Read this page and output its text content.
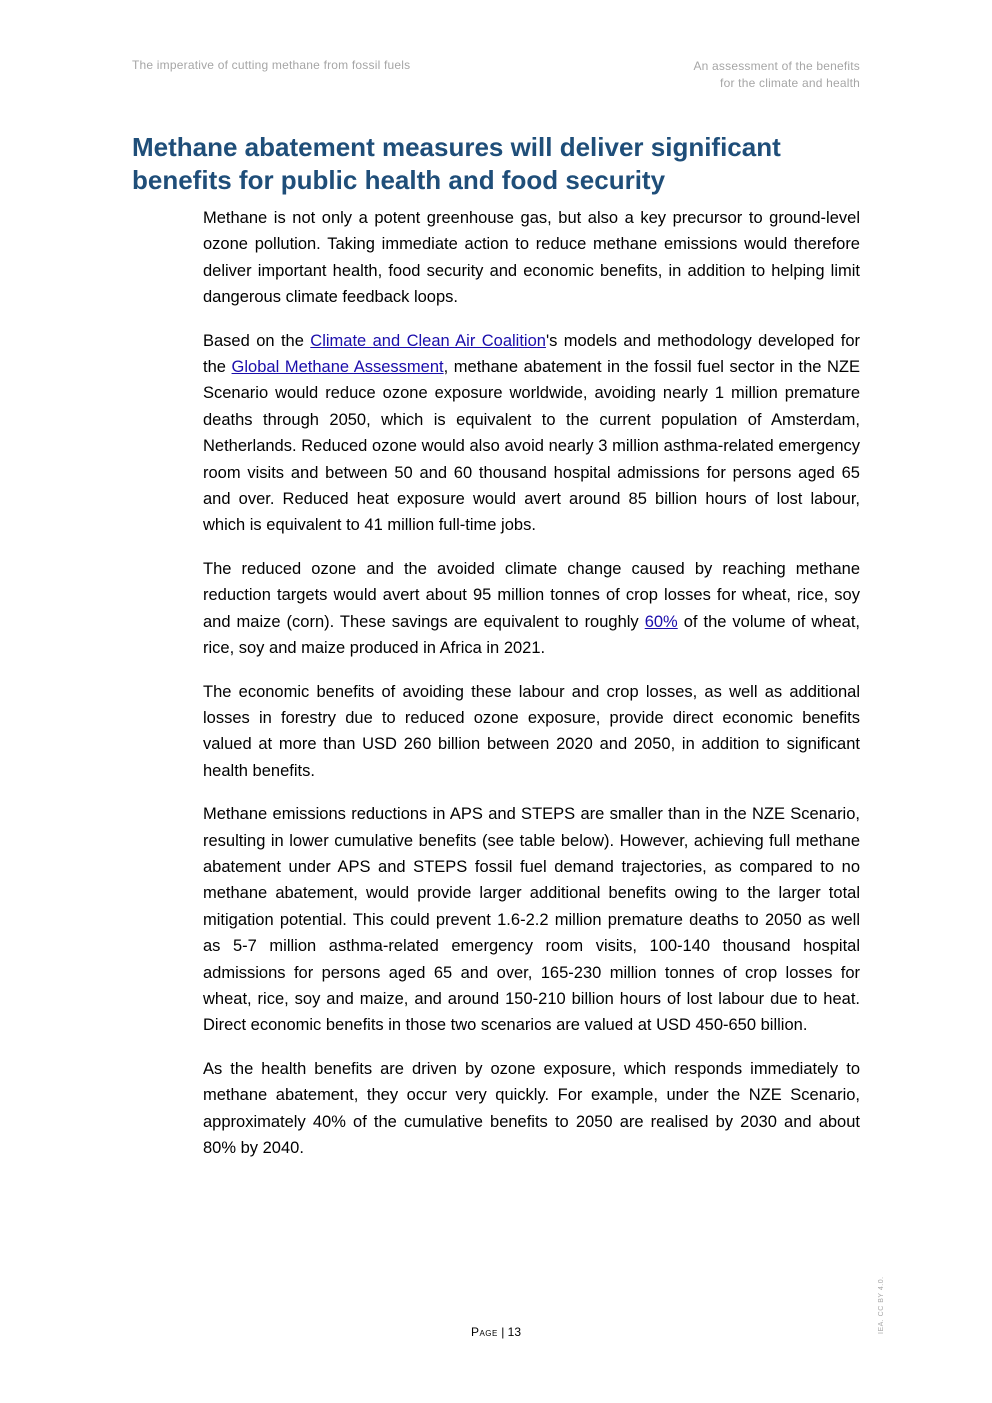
The imperative of cutting methane from fossil fuels	An assessment of the benefits
for the climate and health
Methane abatement measures will deliver significant benefits for public health and food security

Methane is not only a potent greenhouse gas, but also a key precursor to ground-level ozone pollution. Taking immediate action to reduce methane emissions would therefore deliver important health, food security and economic benefits, in addition to helping limit dangerous climate feedback loops.

Based on the Climate and Clean Air Coalition's models and methodology developed for the Global Methane Assessment, methane abatement in the fossil fuel sector in the NZE Scenario would reduce ozone exposure worldwide, avoiding nearly 1 million premature deaths through 2050, which is equivalent to the current population of Amsterdam, Netherlands. Reduced ozone would also avoid nearly 3 million asthma-related emergency room visits and between 50 and 60 thousand hospital admissions for persons aged 65 and over. Reduced heat exposure would avert around 85 billion hours of lost labour, which is equivalent to 41 million full-time jobs.

The reduced ozone and the avoided climate change caused by reaching methane reduction targets would avert about 95 million tonnes of crop losses for wheat, rice, soy and maize (corn). These savings are equivalent to roughly 60% of the volume of wheat, rice, soy and maize produced in Africa in 2021.

The economic benefits of avoiding these labour and crop losses, as well as additional losses in forestry due to reduced ozone exposure, provide direct economic benefits valued at more than USD 260 billion between 2020 and 2050, in addition to significant health benefits.

Methane emissions reductions in APS and STEPS are smaller than in the NZE Scenario, resulting in lower cumulative benefits (see table below). However, achieving full methane abatement under APS and STEPS fossil fuel demand trajectories, as compared to no methane abatement, would provide larger additional benefits owing to the larger total mitigation potential. This could prevent 1.6-2.2 million premature deaths to 2050 as well as 5-7 million asthma-related emergency room visits, 100-140 thousand hospital admissions for persons aged 65 and over, 165-230 million tonnes of crop losses for wheat, rice, soy and maize, and around 150-210 billion hours of lost labour due to heat. Direct economic benefits in those two scenarios are valued at USD 450-650 billion.

As the health benefits are driven by ozone exposure, which responds immediately to methane abatement, they occur very quickly. For example, under the NZE Scenario, approximately 40% of the cumulative benefits to 2050 are realised by 2030 and about 80% by 2040.

Page | 13	IEA. CC BY 4.0.
